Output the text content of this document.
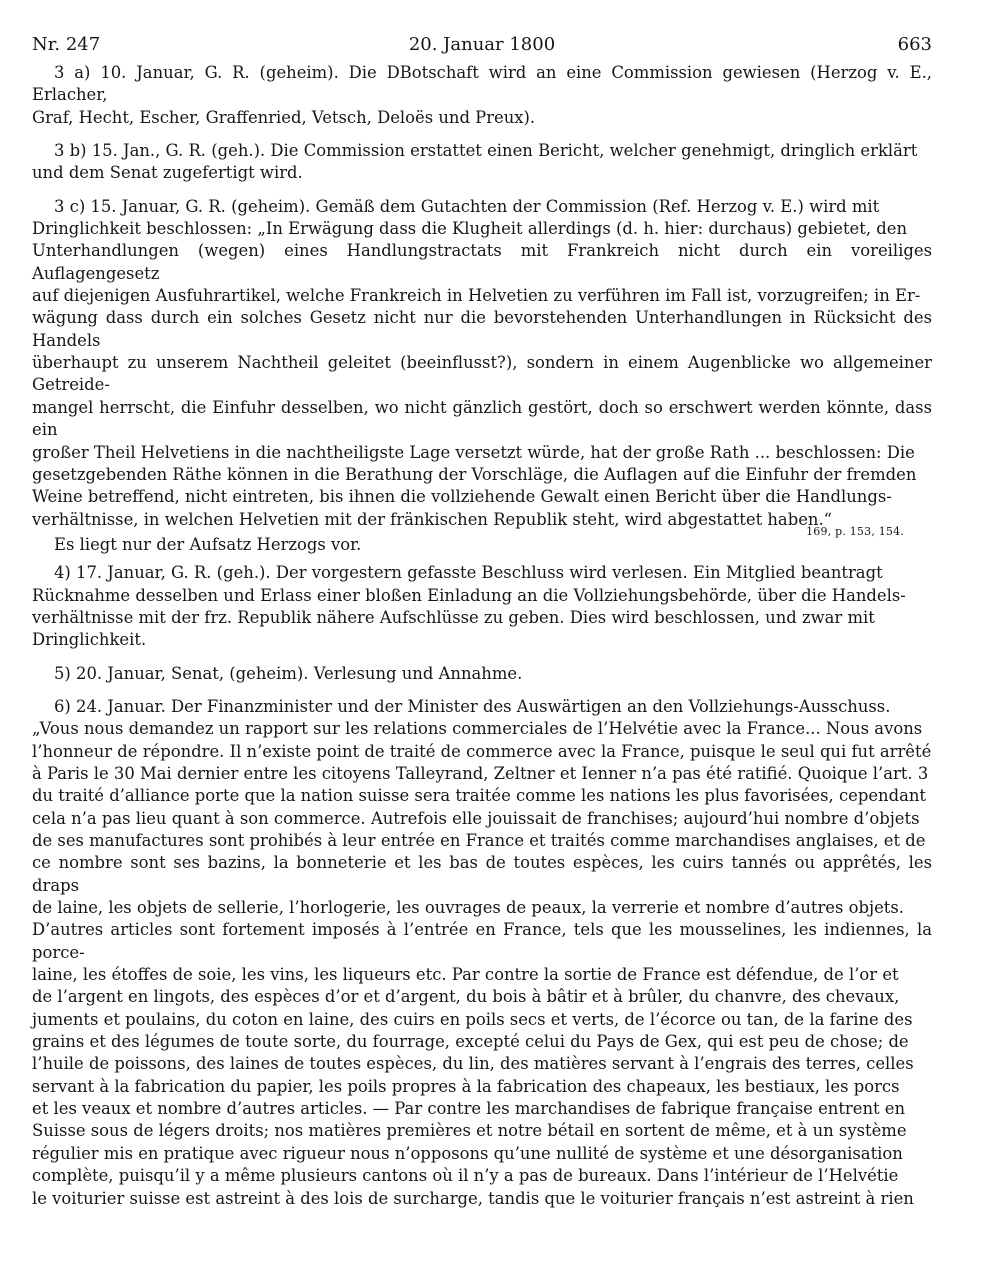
Nr. 247	20. Januar 1800	663

3 a) 10. Januar, G. R. (geheim). Die DBotschaft wird an eine Commission gewiesen (Herzog v. E., Erlacher,

Graf, Hecht, Escher, Graffenried, Vetsch, Deloës und Preux).

3 b) 15. Jan., G. R. (geh.). Die Commission erstattet einen Bericht, welcher genehmigt, dringlich erklärt

und dem Senat zugefertigt wird.

3 c) 15. Januar, G. R. (geheim). Gemäß dem Gutachten der Commission (Ref. Herzog v. E.) wird mit

Dringlichkeit beschlossen: „In Erwägung dass die Klugheit allerdings (d. h. hier: durchaus) gebietet, den

Unterhandlungen (wegen) eines Handlungstractats mit Frankreich nicht durch ein voreiliges Auflagengesetz

auf diejenigen Ausfuhrartikel, welche Frankreich in Helvetien zu verführen im Fall ist, vorzugreifen; in Er-

wägung dass durch ein solches Gesetz nicht nur die bevorstehenden Unterhandlungen in Rücksicht des Handels

überhaupt zu unserem Nachtheil geleitet (beeinflusst?), sondern in einem Augenblicke wo allgemeiner Getreide-

mangel herrscht, die Einfuhr desselben, wo nicht gänzlich gestört, doch so erschwert werden könnte, dass ein

großer Theil Helvetiens in die nachtheiligste Lage versetzt würde, hat der große Rath ... beschlossen: Die

gesetzgebenden Räthe können in die Berathung der Vorschläge, die Auflagen auf die Einfuhr der fremden

Weine betreffend, nicht eintreten, bis ihnen die vollziehende Gewalt einen Bericht über die Handlungs-

verhältnisse, in welchen Helvetien mit der fränkischen Republik steht, wird abgestattet haben.“

169, p. 153, 154.

Es liegt nur der Aufsatz Herzogs vor.

4) 17. Januar, G. R. (geh.). Der vorgestern gefasste Beschluss wird verlesen. Ein Mitglied beantragt

Rücknahme desselben und Erlass einer bloßen Einladung an die Vollziehungsbehörde, über die Handels-

verhältnisse mit der frz. Republik nähere Aufschlüsse zu geben. Dies wird beschlossen, und zwar mit

Dringlichkeit.

5) 20. Januar, Senat, (geheim). Verlesung und Annahme.

6) 24. Januar. Der Finanzminister und der Minister des Auswärtigen an den Vollziehungs-Ausschuss.

„Vous nous demandez un rapport sur les relations commerciales de l’Helvétie avec la France... Nous avons

l’honneur de répondre. Il n’existe point de traité de commerce avec la France, puisque le seul qui fut arrêté

à Paris le 30 Mai dernier entre les citoyens Talleyrand, Zeltner et Ienner n’a pas été ratifié. Quoique l’art. 3

du traité d’alliance porte que la nation suisse sera traitée comme les nations les plus favorisées, cependant

cela n’a pas lieu quant à son commerce. Autrefois elle jouissait de franchises; aujourd’hui nombre d’objets

de ses manufactures sont prohibés à leur entrée en France et traités comme marchandises anglaises, et de

ce nombre sont ses bazins, la bonneterie et les bas de toutes espèces, les cuirs tannés ou apprêtés, les draps

de laine, les objets de sellerie, l’horlogerie, les ouvrages de peaux, la verrerie et nombre d’autres objets.

D’autres articles sont fortement imposés à l’entrée en France, tels que les mousselines, les indiennes, la porce-

laine, les étoffes de soie, les vins, les liqueurs etc. Par contre la sortie de France est défendue, de l’or et

de l’argent en lingots, des espèces d’or et d’argent, du bois à bâtir et à brûler, du chanvre, des chevaux,

juments et poulains, du coton en laine, des cuirs en poils secs et verts, de l’écorce ou tan, de la farine des

grains et des légumes de toute sorte, du fourrage, excepté celui du Pays de Gex, qui est peu de chose; de

l’huile de poissons, des laines de toutes espèces, du lin, des matières servant à l’engrais des terres, celles

servant à la fabrication du papier, les poils propres à la fabrication des chapeaux, les bestiaux, les porcs

et les veaux et nombre d’autres articles. — Par contre les marchandises de fabrique française entrent en

Suisse sous de légers droits; nos matières premières et notre bétail en sortent de même, et à un système

régulier mis en pratique avec rigueur nous n’opposons qu’une nullité de système et une désorganisation

complète, puisqu’il y a même plusieurs cantons où il n’y a pas de bureaux. Dans l’intérieur de l’Helvétie

le voiturier suisse est astreint à des lois de surcharge, tandis que le voiturier français n’est astreint à rien
